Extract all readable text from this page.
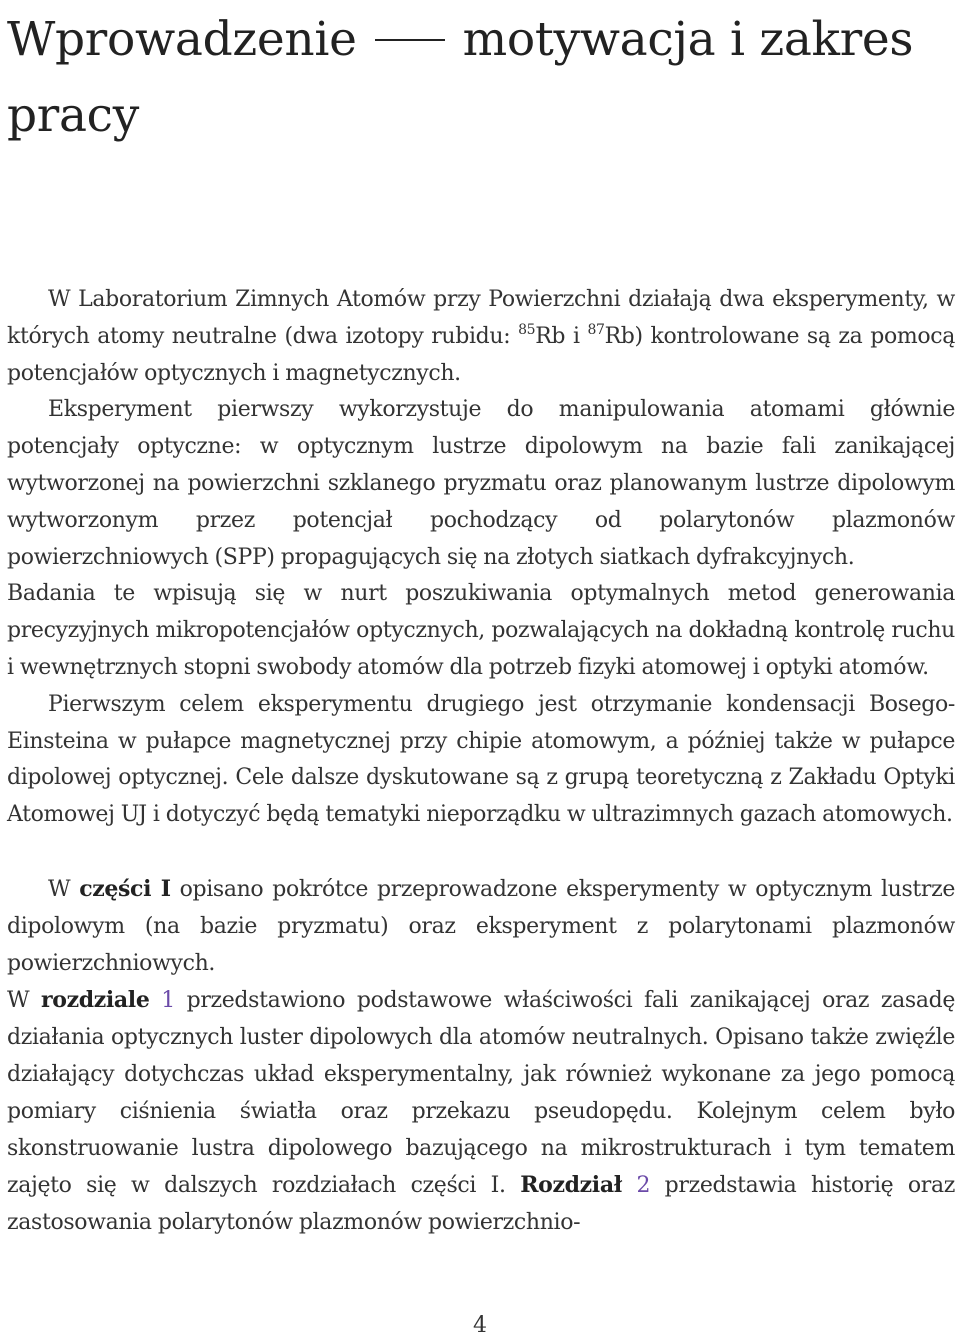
Wprowadzenie motywacja i zakres pracy

W Laboratorium Zimnych Atomów przy Powierzchni działają dwa eksperymenty, w których atomy neutralne (dwa izotopy rubidu: $^{85}$Rb i $^{87}$Rb) kontrolowane są za pomocą potencjałów optycznych i magnetycznych.

Eksperyment pierwszy wykorzystuje do manipulowania atomami głównie potencjały optyczne: w optycznym lustrze dipolowym na bazie fali zanikającej wytworzonej na powierzchni szklanego pryzmatu oraz planowanym lustrze dipolowym wytworzonym przez potencjał pochodzący od polarytonów plazmonów powierzchniowych (SPP) propagujących się na złotych siatkach dyfrakcyjnych.

Badania te wpisują się w nurt poszukiwania optymalnych metod generowania precyzyjnych mikropotencjałów optycznych, pozwalających na dokładną kontrolę ruchu i wewnętrznych stopni swobody atomów dla potrzeb fizyki atomowej i optyki atomów.

Pierwszym celem eksperymentu drugiego jest otrzymanie kondensacji Bosego-Einsteina w pułapce magnetycznej przy chipie atomowym, a później także w pułapce dipolowej optycznej. Cele dalsze dyskutowane są z grupą teoretyczną z Zakładu Optyki Atomowej UJ i dotyczyć będą tematyki nieporządku w ultrazimnych gazach atomowych.

W części I opisano pokrótce przeprowadzone eksperymenty w optycznym lustrze dipolowym (na bazie pryzmatu) oraz eksperyment z polarytonami plazmonów powierzchniowych.

W rozdziale 1 przedstawiono podstawowe właściwości fali zanikającej oraz zasadę działania optycznych luster dipolowych dla atomów neutralnych. Opisano także zwięźle działający dotychczas układ eksperymentalny, jak również wykonane za jego pomocą pomiary ciśnienia światła oraz przekazu pseudopędu. Kolejnym celem było skonstruowanie lustra dipolowego bazującego na mikrostrukturach i tym tematem zajęto się w dalszych rozdziałach części I. Rozdział 2 przedstawia historię oraz zastosowania polarytonów plazmonów powierzchnio-

4
